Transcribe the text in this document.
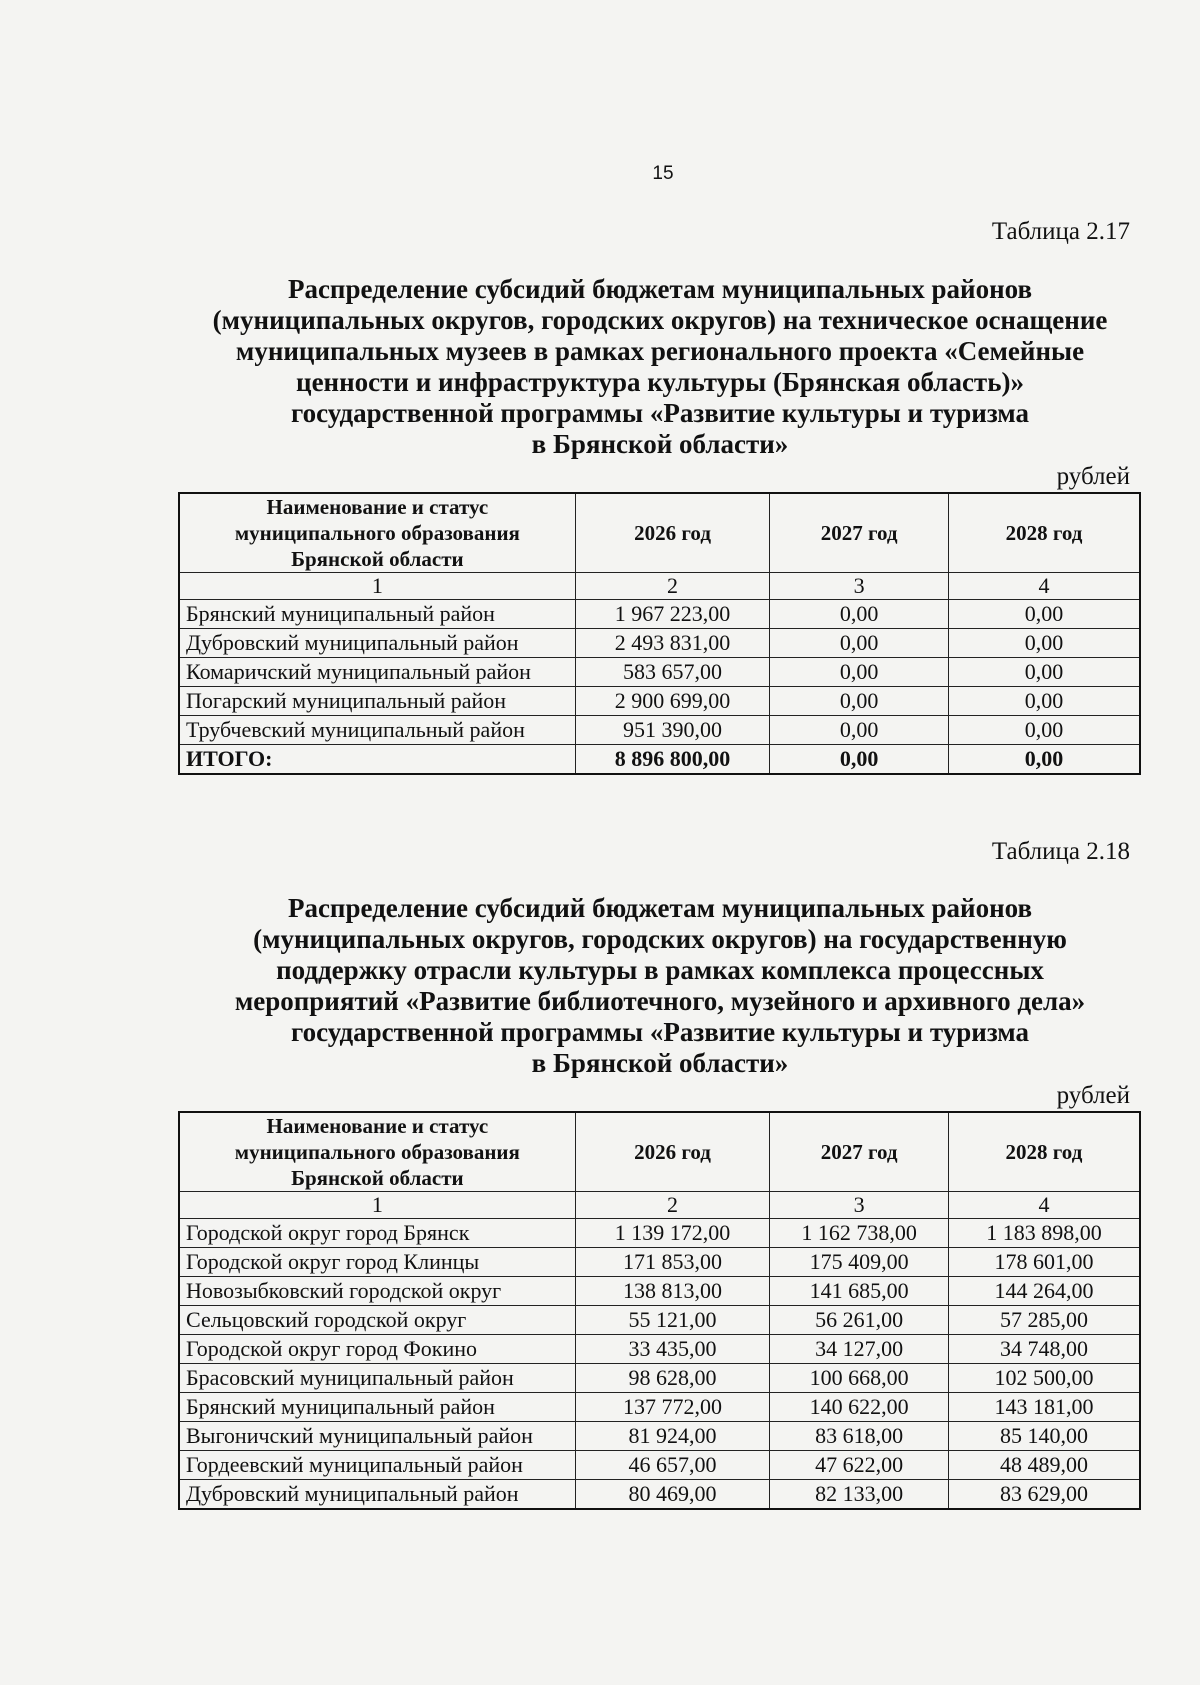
15
Таблица 2.17
Распределение субсидий бюджетам муниципальных районов
(муниципальных округов, городских округов) на техническое оснащение
муниципальных музеев в рамках регионального проекта «Семейные
ценности и инфраструктура культуры (Брянская область)»
государственной программы «Развитие культуры и туризма
в Брянской области»
рублей
Наименование и статус
муниципального образования
Брянской области	2026 год	2027 год	2028 год
1	2	3	4
Брянский муниципальный район	1 967 223,00	0,00	0,00
Дубровский муниципальный район	2 493 831,00	0,00	0,00
Комаричский муниципальный район	583 657,00	0,00	0,00
Погарский муниципальный район	2 900 699,00	0,00	0,00
Трубчевский муниципальный район	951 390,00	0,00	0,00
ИТОГО:	8 896 800,00	0,00	0,00
Таблица 2.18
Распределение субсидий бюджетам муниципальных районов
(муниципальных округов, городских округов) на государственную
поддержку отрасли культуры в рамках комплекса процессных
мероприятий «Развитие библиотечного, музейного и архивного дела»
государственной программы «Развитие культуры и туризма
в Брянской области»
рублей
Наименование и статус
муниципального образования
Брянской области	2026 год	2027 год	2028 год
1	2	3	4
Городской округ город Брянск	1 139 172,00	1 162 738,00	1 183 898,00
Городской округ город Клинцы	171 853,00	175 409,00	178 601,00
Новозыбковский городской округ	138 813,00	141 685,00	144 264,00
Сельцовский городской округ	55 121,00	56 261,00	57 285,00
Городской округ город Фокино	33 435,00	34 127,00	34 748,00
Брасовский муниципальный район	98 628,00	100 668,00	102 500,00
Брянский муниципальный район	137 772,00	140 622,00	143 181,00
Выгоничский муниципальный район	81 924,00	83 618,00	85 140,00
Гордеевский муниципальный район	46 657,00	47 622,00	48 489,00
Дубровский муниципальный район	80 469,00	82 133,00	83 629,00
